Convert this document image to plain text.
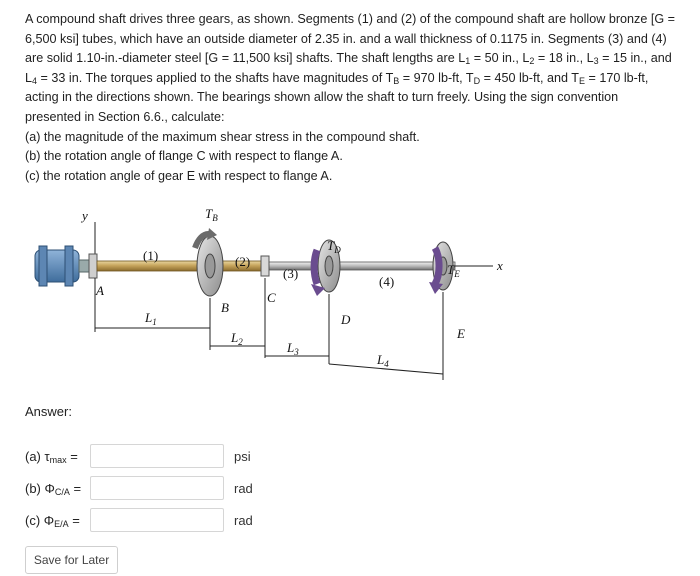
A compound shaft drives three gears, as shown. Segments (1) and (2) of the compound shaft are hollow bronze [G = 6,500 ksi] tubes, which have an outside diameter of 2.35 in. and a wall thickness of 0.1175 in. Segments (3) and (4) are solid 1.10-in.-diameter steel [G = 11,500 ksi] shafts. The shaft lengths are $L_1 = 50$ in., $L_2 = 18$ in., $L_3 = 15$ in., and $L_4 = 33$ in. The torques applied to the shafts have magnitudes of $T_B = 970$ lb-ft, $T_D = 450$ lb-ft, and $T_E = 170$ lb-ft, acting in the directions shown. The bearings shown allow the shaft to turn freely. Using the sign convention presented in Section 6.6., calculate:

(a) the magnitude of the maximum shear stress in the compound shaft.

(b) the rotation angle of flange C with respect to flange A.

(c) the rotation angle of gear E with respect to flange A.

y
A
x
B
$T_B$
C
D
$T_D$
E
$T_E$
(1)	(2)
(3)
(4)
$L_1$
$L_2$	$L_3$	$L_4$
Answer:
(a) $\tau_{max}$ =	psi
(b) $\Phi_{C/A}$ =	rad
(c) $\Phi_{E/A}$ =	rad
Save for Later
